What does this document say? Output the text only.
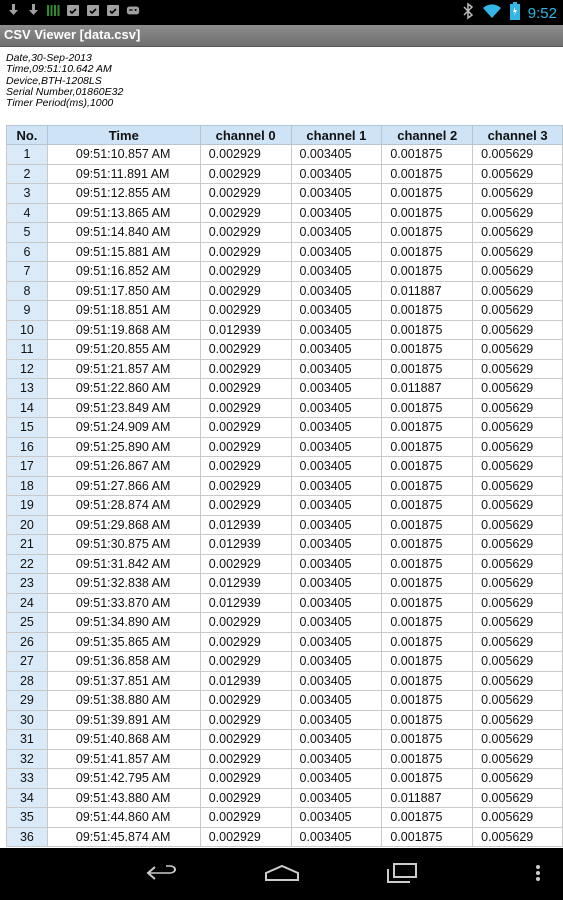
9:52
CSV Viewer [data.csv]
Date,30-Sep-2013
Time,09:51:10.642 AM
Device,BTH-1208LS
Serial Number,01860E32
Timer Period(ms),1000
No.	Time	channel 0	channel 1	channel 2	channel 3
1	09:51:10.857 AM	0.002929	0.003405	0.001875	0.005629
2	09:51:11.891 AM	0.002929	0.003405	0.001875	0.005629
3	09:51:12.855 AM	0.002929	0.003405	0.001875	0.005629
4	09:51:13.865 AM	0.002929	0.003405	0.001875	0.005629
5	09:51:14.840 AM	0.002929	0.003405	0.001875	0.005629
6	09:51:15.881 AM	0.002929	0.003405	0.001875	0.005629
7	09:51:16.852 AM	0.002929	0.003405	0.001875	0.005629
8	09:51:17.850 AM	0.002929	0.003405	0.011887	0.005629
9	09:51:18.851 AM	0.002929	0.003405	0.001875	0.005629
10	09:51:19.868 AM	0.012939	0.003405	0.001875	0.005629
11	09:51:20.855 AM	0.002929	0.003405	0.001875	0.005629
12	09:51:21.857 AM	0.002929	0.003405	0.001875	0.005629
13	09:51:22.860 AM	0.002929	0.003405	0.011887	0.005629
14	09:51:23.849 AM	0.002929	0.003405	0.001875	0.005629
15	09:51:24.909 AM	0.002929	0.003405	0.001875	0.005629
16	09:51:25.890 AM	0.002929	0.003405	0.001875	0.005629
17	09:51:26.867 AM	0.002929	0.003405	0.001875	0.005629
18	09:51:27.866 AM	0.002929	0.003405	0.001875	0.005629
19	09:51:28.874 AM	0.002929	0.003405	0.001875	0.005629
20	09:51:29.868 AM	0.012939	0.003405	0.001875	0.005629
21	09:51:30.875 AM	0.012939	0.003405	0.001875	0.005629
22	09:51:31.842 AM	0.002929	0.003405	0.001875	0.005629
23	09:51:32.838 AM	0.012939	0.003405	0.001875	0.005629
24	09:51:33.870 AM	0.012939	0.003405	0.001875	0.005629
25	09:51:34.890 AM	0.002929	0.003405	0.001875	0.005629
26	09:51:35.865 AM	0.002929	0.003405	0.001875	0.005629
27	09:51:36.858 AM	0.002929	0.003405	0.001875	0.005629
28	09:51:37.851 AM	0.012939	0.003405	0.001875	0.005629
29	09:51:38.880 AM	0.002929	0.003405	0.001875	0.005629
30	09:51:39.891 AM	0.002929	0.003405	0.001875	0.005629
31	09:51:40.868 AM	0.002929	0.003405	0.001875	0.005629
32	09:51:41.857 AM	0.002929	0.003405	0.001875	0.005629
33	09:51:42.795 AM	0.002929	0.003405	0.001875	0.005629
34	09:51:43.880 AM	0.002929	0.003405	0.011887	0.005629
35	09:51:44.860 AM	0.002929	0.003405	0.001875	0.005629
36	09:51:45.874 AM	0.002929	0.003405	0.001875	0.005629
